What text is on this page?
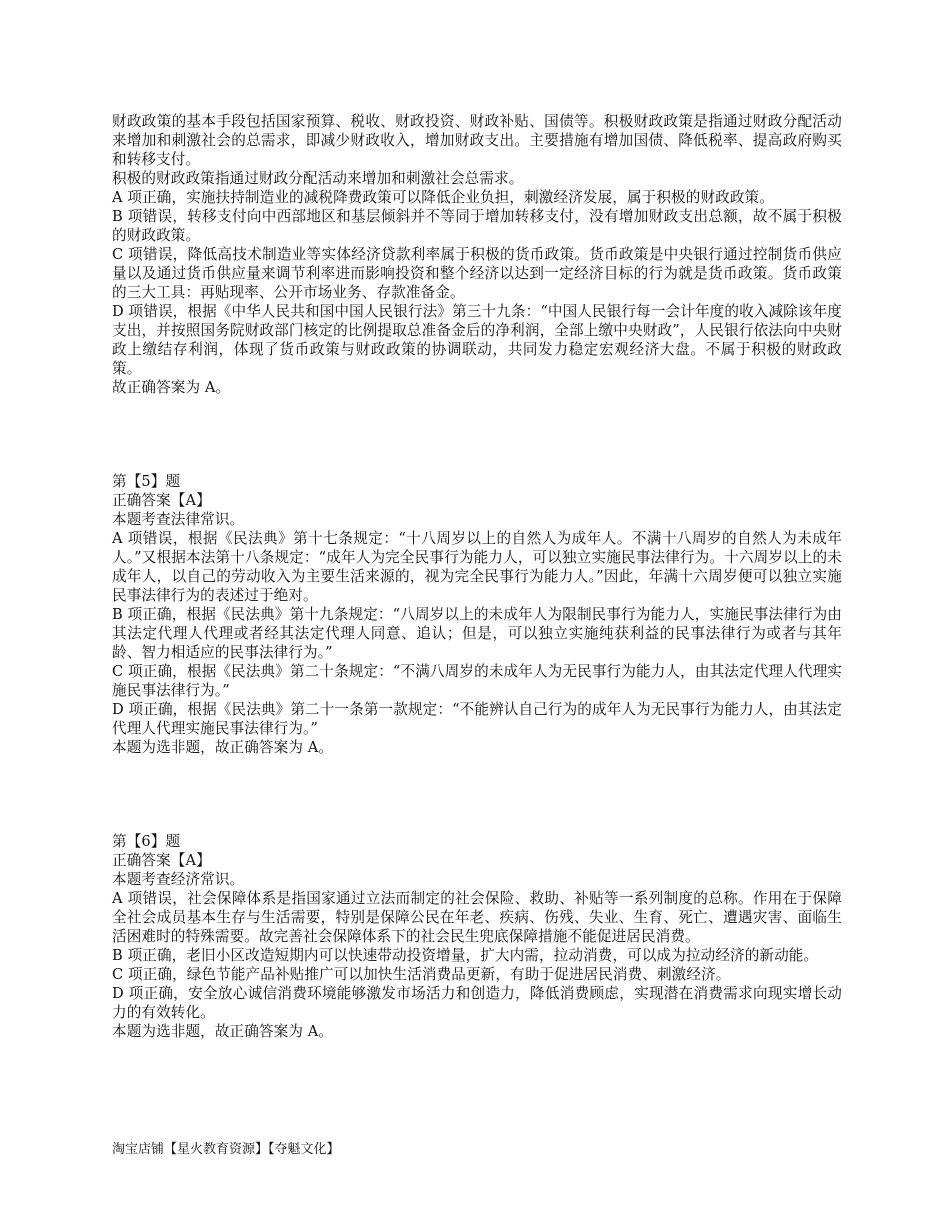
财政政策的基本手段包括国家预算、税收、财政投资、财政补贴、国债等。积极财政政策是指通过财政分配活动来增加和刺激社会的总需求，即减少财政收入，增加财政支出。主要措施有增加国债、降低税率、提高政府购买和转移支付。

积极的财政政策指通过财政分配活动来增加和刺激社会总需求。

A 项正确，实施扶持制造业的减税降费政策可以降低企业负担，刺激经济发展，属于积极的财政政策。

B 项错误，转移支付向中西部地区和基层倾斜并不等同于增加转移支付，没有增加财政支出总额，故不属于积极的财政政策。

C 项错误，降低高技术制造业等实体经济贷款利率属于积极的货币政策。货币政策是中央银行通过控制货币供应量以及通过货币供应量来调节利率进而影响投资和整个经济以达到一定经济目标的行为就是货币政策。货币政策的三大工具：再贴现率、公开市场业务、存款准备金。

D 项错误，根据《中华人民共和国中国人民银行法》第三十九条：“中国人民银行每一会计年度的收入减除该年度支出，并按照国务院财政部门核定的比例提取总准备金后的净利润，全部上缴中央财政”，人民银行依法向中央财政上缴结存利润，体现了货币政策与财政政策的协调联动，共同发力稳定宏观经济大盘。不属于积极的财政政策。

故正确答案为 A。

第【5】题

正确答案【A】

本题考查法律常识。

A 项错误，根据《民法典》第十七条规定：“十八周岁以上的自然人为成年人。不满十八周岁的自然人为未成年人。”又根据本法第十八条规定：“成年人为完全民事行为能力人，可以独立实施民事法律行为。十六周岁以上的未成年人，以自己的劳动收入为主要生活来源的，视为完全民事行为能力人。”因此，年满十六周岁便可以独立实施民事法律行为的表述过于绝对。

B 项正确，根据《民法典》第十九条规定：“八周岁以上的未成年人为限制民事行为能力人，实施民事法律行为由其法定代理人代理或者经其法定代理人同意、追认；但是，可以独立实施纯获利益的民事法律行为或者与其年龄、智力相适应的民事法律行为。”

C 项正确，根据《民法典》第二十条规定：“不满八周岁的未成年人为无民事行为能力人，由其法定代理人代理实施民事法律行为。”

D 项正确，根据《民法典》第二十一条第一款规定：“不能辨认自己行为的成年人为无民事行为能力人，由其法定代理人代理实施民事法律行为。”

本题为选非题，故正确答案为 A。

第【6】题

正确答案【A】

本题考查经济常识。

A 项错误，社会保障体系是指国家通过立法而制定的社会保险、救助、补贴等一系列制度的总称。作用在于保障全社会成员基本生存与生活需要，特别是保障公民在年老、疾病、伤残、失业、生育、死亡、遭遇灾害、面临生活困难时的特殊需要。故完善社会保障体系下的社会民生兜底保障措施不能促进居民消费。

B 项正确，老旧小区改造短期内可以快速带动投资增量，扩大内需，拉动消费，可以成为拉动经济的新动能。

C 项正确，绿色节能产品补贴推广可以加快生活消费品更新，有助于促进居民消费、刺激经济。

D 项正确，安全放心诚信消费环境能够激发市场活力和创造力，降低消费顾虑，实现潜在消费需求向现实增长动力的有效转化。

本题为选非题，故正确答案为 A。

淘宝店铺【星火教育资源】【夺魁文化】
